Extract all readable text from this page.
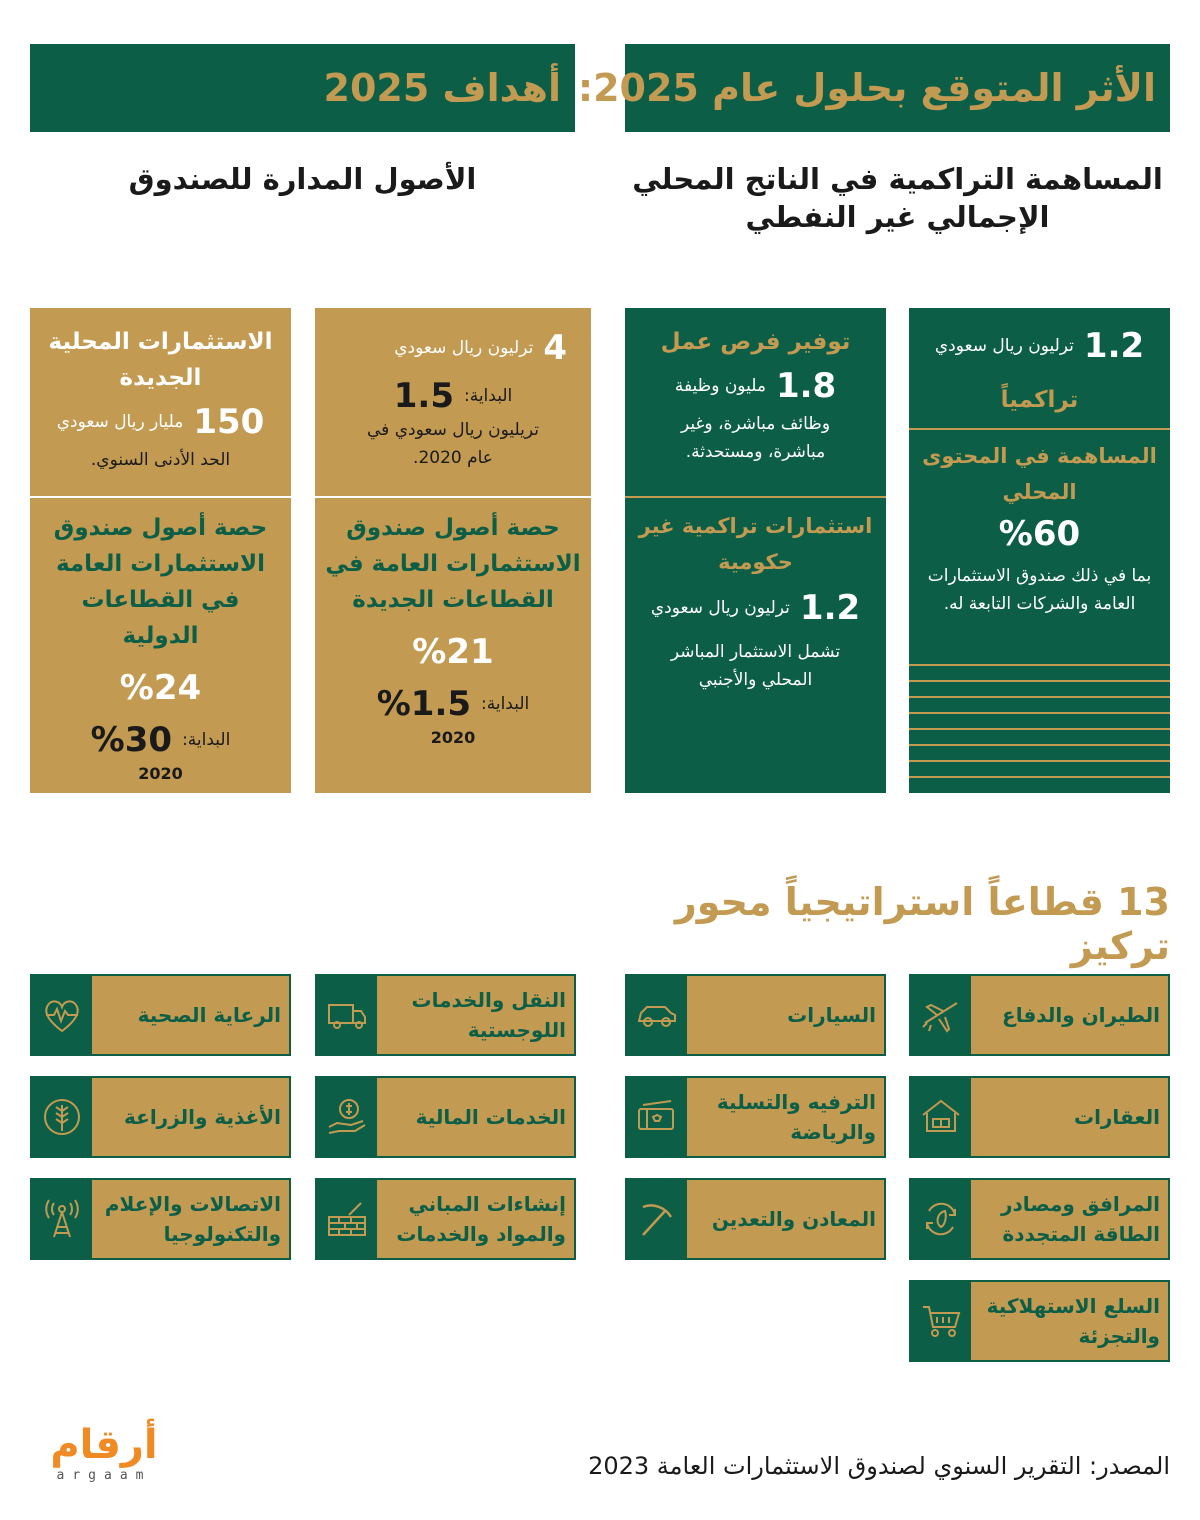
الأثر المتوقع بحلول عام 2025:
أهداف 2025
المساهمة التراكمية في الناتج المحلي
الإجمالي غير النفطي
الأصول المدارة للصندوق
1.2
ترليون ريال سعودي
تراكمياً
المساهمة في المحتوى المحلي
%60
بما في ذلك صندوق الاستثمارات العامة والشركات التابعة له.
توفير فرص عمل
1.8
مليون وظيفة
وظائف مباشرة، وغير مباشرة، ومستحدثة.
استثمارات تراكمية غير حكومية
1.2
ترليون ريال سعودي
تشمل الاستثمار المباشر المحلي والأجنبي
4
ترليون ريال سعودي
البداية:
1.5
تريليون ريال سعودي في عام 2020.
حصة أصول صندوق الاستثمارات العامة في القطاعات الجديدة
%21
البداية:
%1.5
2020
الاستثمارات المحلية الجديدة
150
مليار ريال سعودي
الحد الأدنى السنوي.
حصة أصول صندوق الاستثمارات العامة في القطاعات الدولية
%24
البداية:
%30
2020
13 قطاعاً استراتيجياً محور تركيز
الطيران والدفاع
السيارات
النقل والخدمات اللوجستية
الرعاية الصحية
العقارات
الترفيه والتسلية والرياضة
الخدمات المالية
الأغذية والزراعة
المرافق ومصادر الطاقة المتجددة
المعادن والتعدين
إنشاءات المباني والمواد والخدمات
الاتصالات والإعلام والتكنولوجيا
السلع الاستهلاكية والتجزئة
المصدر: التقرير السنوي لصندوق الاستثمارات العامة 2023
أرقام
argaam
